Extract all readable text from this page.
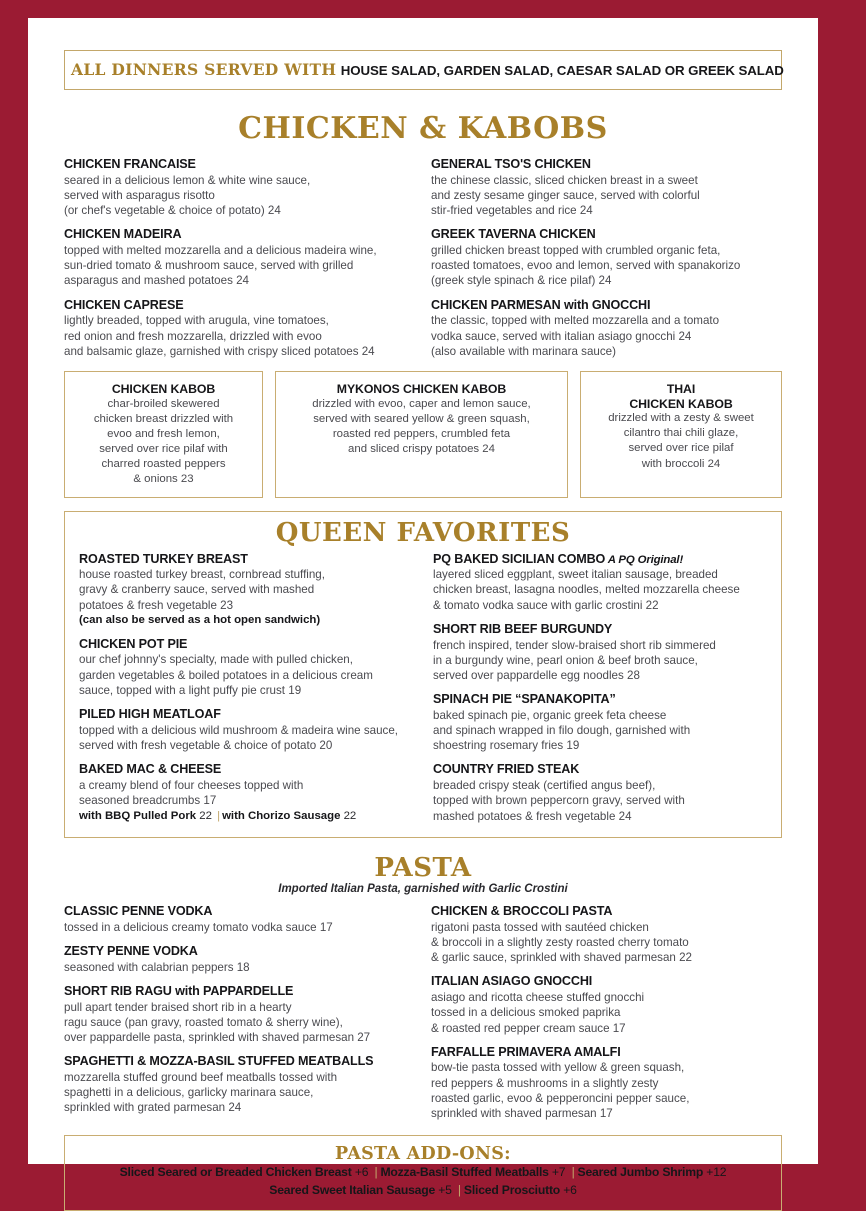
ALL DINNERS SERVED WITH HOUSE SALAD, GARDEN SALAD, CAESAR SALAD OR GREEK SALAD
CHICKEN & KABOBS
CHICKEN FRANCAISE
seared in a delicious lemon & white wine sauce,
served with asparagus risotto
(or chef's vegetable & choice of potato) 24
CHICKEN MADEIRA
topped with melted mozzarella and a delicious madeira wine,
sun-dried tomato & mushroom sauce, served with grilled
asparagus and mashed potatoes 24
CHICKEN CAPRESE
lightly breaded, topped with arugula, vine tomatoes,
red onion and fresh mozzarella, drizzled with evoo
and balsamic glaze, garnished with crispy sliced potatoes 24
GENERAL TSO'S CHICKEN
the chinese classic, sliced chicken breast in a sweet
and zesty sesame ginger sauce, served with colorful
stir-fried vegetables and rice 24
GREEK TAVERNA CHICKEN
grilled chicken breast topped with crumbled organic feta,
roasted tomatoes, evoo and lemon, served with spanakorizo
(greek style spinach & rice pilaf) 24
CHICKEN PARMESAN with GNOCCHI
the classic, topped with melted mozzarella and a tomato
vodka sauce, served with italian asiago gnocchi 24
(also available with marinara sauce)
CHICKEN KABOB
char-broiled skewered
chicken breast drizzled with
evoo and fresh lemon,
served over rice pilaf with
charred roasted peppers
& onions 23
MYKONOS CHICKEN KABOB
drizzled with evoo, caper and lemon sauce,
served with seared yellow & green squash,
roasted red peppers, crumbled feta
and sliced crispy potatoes 24
THAI
CHICKEN KABOB
drizzled with a zesty & sweet
cilantro thai chili glaze,
served over rice pilaf
with broccoli 24
QUEEN FAVORITES
ROASTED TURKEY BREAST
house roasted turkey breast, cornbread stuffing,
gravy & cranberry sauce, served with mashed
potatoes & fresh vegetable 23
(can also be served as a hot open sandwich)
CHICKEN POT PIE
our chef johnny's specialty, made with pulled chicken,
garden vegetables & boiled potatoes in a delicious cream
sauce, topped with a light puffy pie crust 19
PILED HIGH MEATLOAF
topped with a delicious wild mushroom & madeira wine sauce,
served with fresh vegetable & choice of potato 20
BAKED MAC & CHEESE
a creamy blend of four cheeses topped with
seasoned breadcrumbs 17
with BBQ Pulled Pork 22 | with Chorizo Sausage 22
PQ BAKED SICILIAN COMBO A PQ Original!
layered sliced eggplant, sweet italian sausage, breaded
chicken breast, lasagna noodles, melted mozzarella cheese
& tomato vodka sauce with garlic crostini 22
SHORT RIB BEEF BURGUNDY
french inspired, tender slow-braised short rib simmered
in a burgundy wine, pearl onion & beef broth sauce,
served over pappardelle egg noodles 28
SPINACH PIE “SPANAKOPITA”
baked spinach pie, organic greek feta cheese
and spinach wrapped in filo dough, garnished with
shoestring rosemary fries 19
COUNTRY FRIED STEAK
breaded crispy steak (certified angus beef),
topped with brown peppercorn gravy, served with
mashed potatoes & fresh vegetable 24
PASTA
Imported Italian Pasta, garnished with Garlic Crostini
CLASSIC PENNE VODKA
tossed in a delicious creamy tomato vodka sauce 17
ZESTY PENNE VODKA
seasoned with calabrian peppers 18
SHORT RIB RAGU with PAPPARDELLE
pull apart tender braised short rib in a hearty
ragu sauce (pan gravy, roasted tomato & sherry wine),
over pappardelle pasta, sprinkled with shaved parmesan 27
SPAGHETTI & MOZZA-BASIL STUFFED MEATBALLS
mozzarella stuffed ground beef meatballs tossed with
spaghetti in a delicious, garlicky marinara sauce,
sprinkled with grated parmesan 24
CHICKEN & BROCCOLI PASTA
rigatoni pasta tossed with sautéed chicken
& broccoli in a slightly zesty roasted cherry tomato
& garlic sauce, sprinkled with shaved parmesan 22
ITALIAN ASIAGO GNOCCHI
asiago and ricotta cheese stuffed gnocchi
tossed in a delicious smoked paprika
& roasted red pepper cream sauce 17
FARFALLE PRIMAVERA AMALFI
bow-tie pasta tossed with yellow & green squash,
red peppers & mushrooms in a slightly zesty
roasted garlic, evoo & pepperoncini pepper sauce,
sprinkled with shaved parmesan 17
PASTA ADD-ONS:
Sliced Seared or Breaded Chicken Breast +6 | Mozza-Basil Stuffed Meatballs +7 | Seared Jumbo Shrimp +12
Seared Sweet Italian Sausage +5 | Sliced Prosciutto +6
